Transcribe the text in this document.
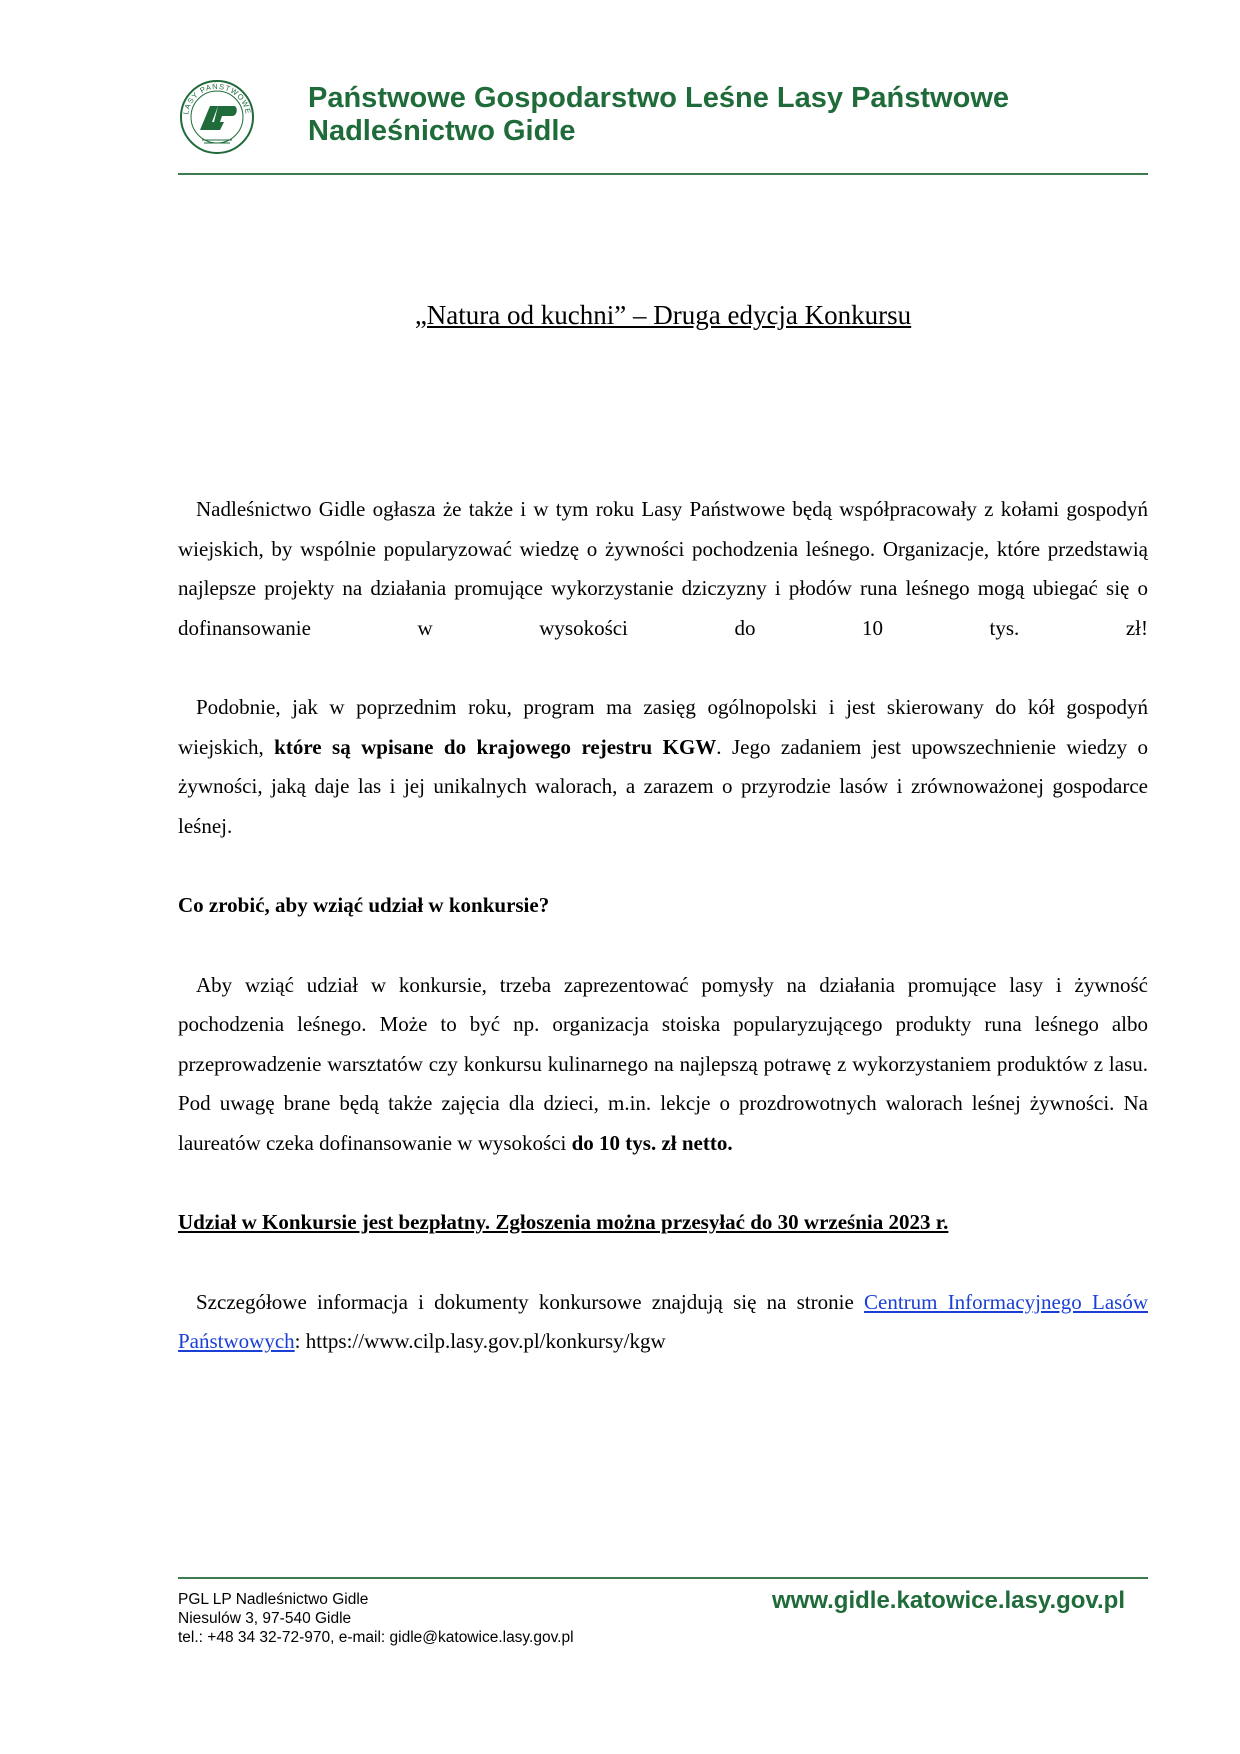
LASY PAŃSTWOWE Państwowe Gospodarstwo Leśne Lasy Państwowe
Nadleśnictwo Gidle
„Natura od kuchni” – Druga edycja Konkursu

Nadleśnictwo Gidle ogłasza że także i w tym roku Lasy Państwowe będą współpracowały z kołami gospodyń wiejskich, by wspólnie popularyzować wiedzę o żywności pochodzenia leśnego. Organizacje, które przedstawią najlepsze projekty na działania promujące wykorzystanie dziczyzny i płodów runa leśnego mogą ubiegać się o dofinansowanie w wysokości do 10 tys. zł!

Podobnie, jak w poprzednim roku, program ma zasięg ogólnopolski i jest skierowany do kół gospodyń wiejskich, które są wpisane do krajowego rejestru KGW. Jego zadaniem jest upowszechnienie wiedzy o żywności, jaką daje las i jej unikalnych walorach, a zarazem o przyrodzie lasów i zrównoważonej gospodarce leśnej.

Co zrobić, aby wziąć udział w konkursie?

Aby wziąć udział w konkursie, trzeba zaprezentować pomysły na działania promujące lasy i żywność pochodzenia leśnego. Może to być np. organizacja stoiska popularyzującego produkty runa leśnego albo przeprowadzenie warsztatów czy konkursu kulinarnego na najlepszą potrawę z wykorzystaniem produktów z lasu. Pod uwagę brane będą także zajęcia dla dzieci, m.in. lekcje o prozdrowotnych walorach leśnej żywności. Na laureatów czeka dofinansowanie w wysokości do 10 tys. zł netto.

Udział w Konkursie jest bezpłatny. Zgłoszenia można przesyłać do 30 września 2023 r.

Szczegółowe informacja i dokumenty konkursowe znajdują się na stronie Centrum Informacyjnego Lasów Państwowych: https://www.cilp.lasy.gov.pl/konkursy/kgw

PGL LP Nadleśnictwo Gidle
Niesulów 3, 97-540 Gidle
tel.: +48 34 32-72-970, e-mail: gidle@katowice.lasy.gov.pl
www.gidle.katowice.lasy.gov.pl
